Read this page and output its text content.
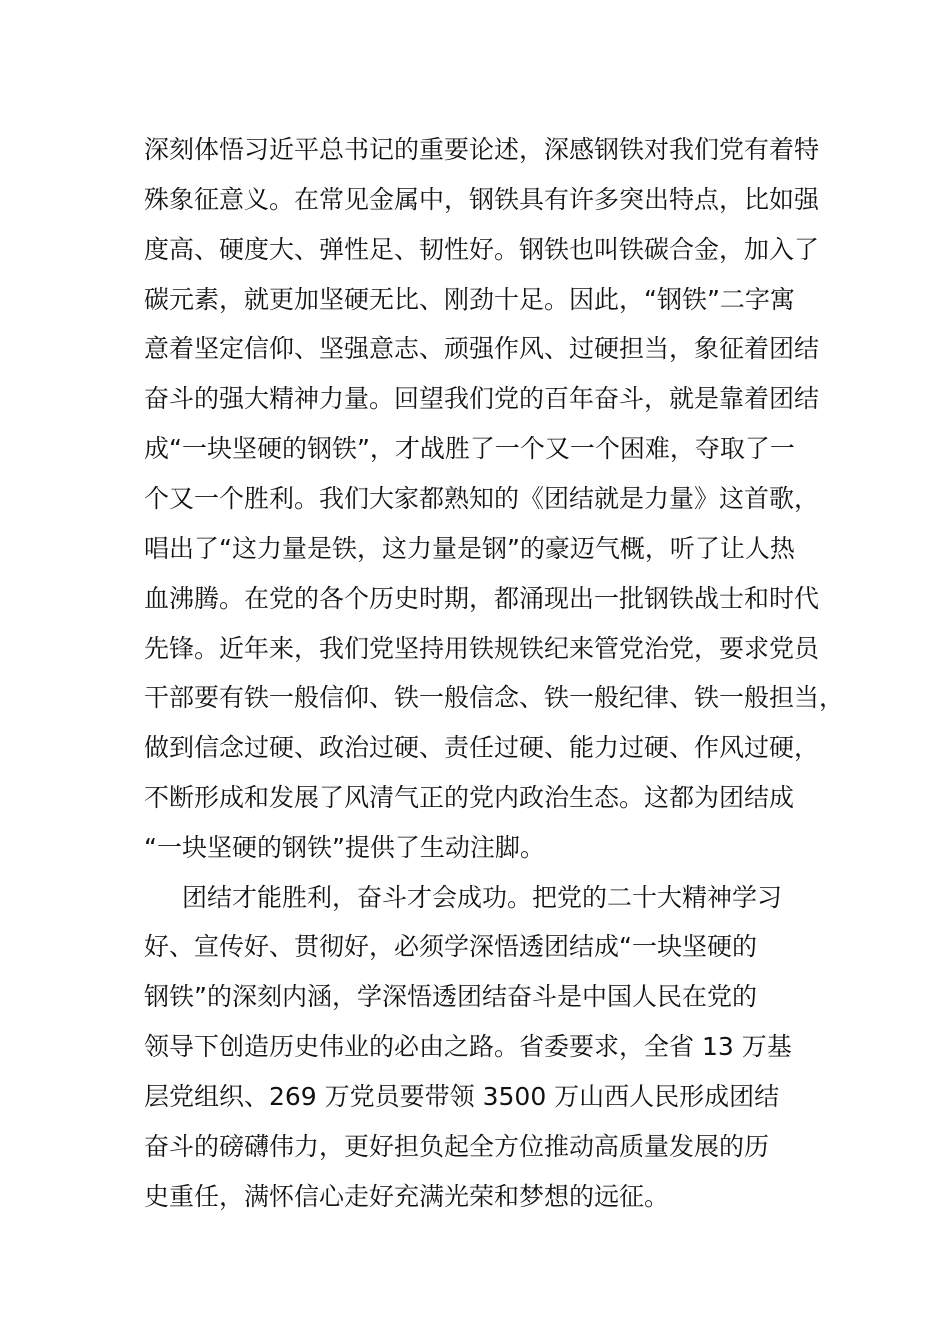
深刻体悟习近平总书记的重要论述，深感钢铁对我们党有着特
殊象征意义。在常见金属中，钢铁具有许多突出特点，比如强
度高、硬度大、弹性足、韧性好。钢铁也叫铁碳合金，加入了
碳元素，就更加坚硬无比、刚劲十足。因此，“钢铁”二字寓
意着坚定信仰、坚强意志、顽强作风、过硬担当，象征着团结
奋斗的强大精神力量。回望我们党的百年奋斗，就是靠着团结
成“一块坚硬的钢铁”，才战胜了一个又一个困难，夺取了一
个又一个胜利。我们大家都熟知的《团结就是力量》这首歌，
唱出了“这力量是铁，这力量是钢”的豪迈气概，听了让人热
血沸腾。在党的各个历史时期，都涌现出一批钢铁战士和时代
先锋。近年来，我们党坚持用铁规铁纪来管党治党，要求党员
干部要有铁一般信仰、铁一般信念、铁一般纪律、铁一般担当，
做到信念过硬、政治过硬、责任过硬、能力过硬、作风过硬，
不断形成和发展了风清气正的党内政治生态。这都为团结成
“一块坚硬的钢铁”提供了生动注脚。
团结才能胜利，奋斗才会成功。把党的二十大精神学习
好、宣传好、贯彻好，必须学深悟透团结成“一块坚硬的
钢铁”的深刻内涵，学深悟透团结奋斗是中国人民在党的
领导下创造历史伟业的必由之路。省委要求，全省 13 万基
层党组织、269 万党员要带领 3500 万山西人民形成团结
奋斗的磅礴伟力，更好担负起全方位推动高质量发展的历
史重任，满怀信心走好充满光荣和梦想的远征。
